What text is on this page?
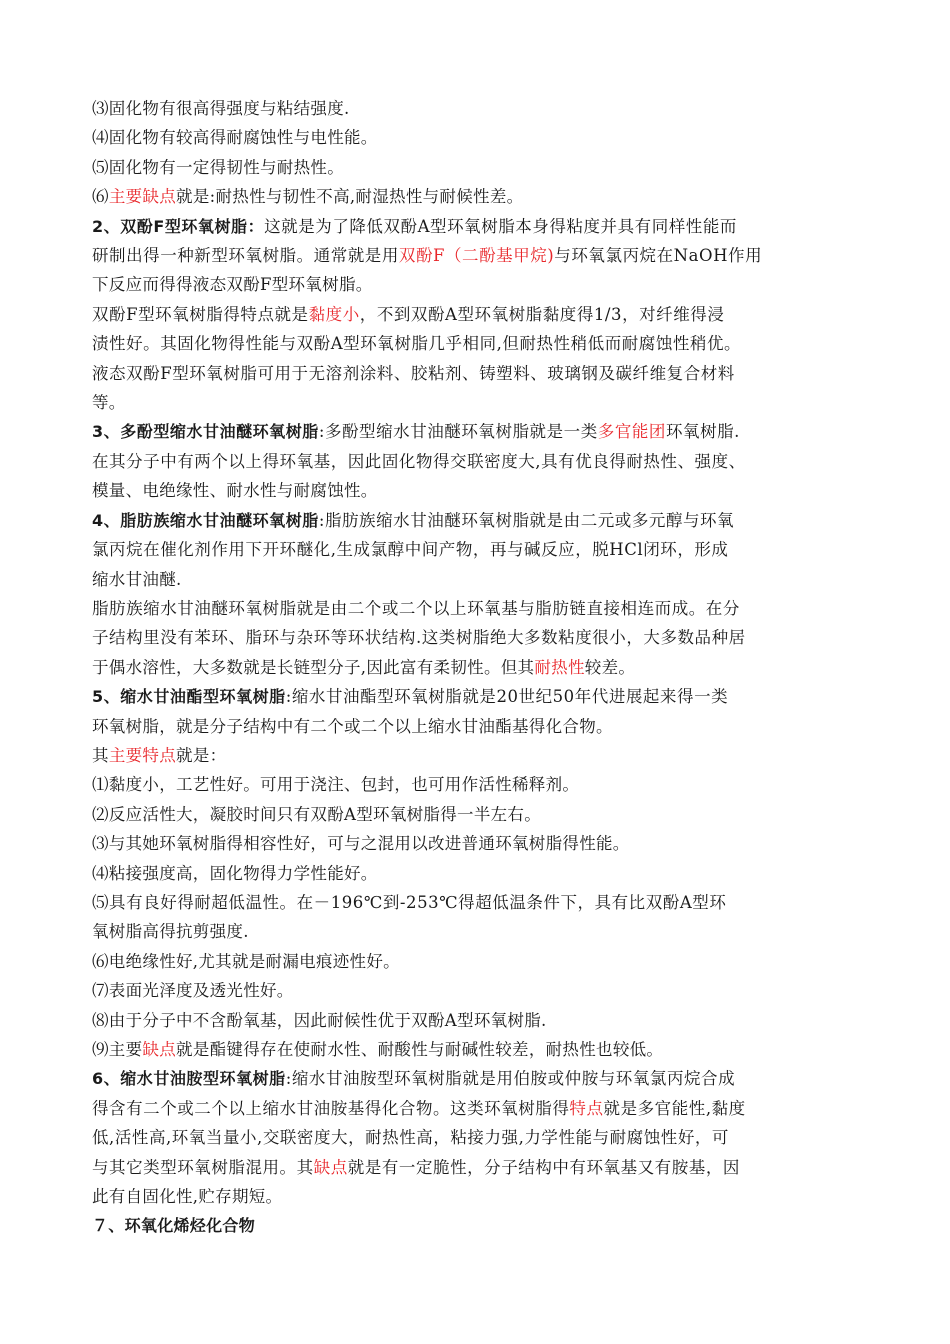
⑶固化物有很高得强度与粘结强度.
⑷固化物有较高得耐腐蚀性与电性能。
⑸固化物有一定得韧性与耐热性。
⑹主要缺点就是:耐热性与韧性不高,耐湿热性与耐候性差。
2、双酚F型环氧树脂：这就是为了降低双酚A型环氧树脂本身得粘度并具有同样性能而
研制出得一种新型环氧树脂。通常就是用双酚F（二酚基甲烷)与环氧氯丙烷在NaOH作用
下反应而得得液态双酚F型环氧树脂。
双酚F型环氧树脂得特点就是黏度小，不到双酚A型环氧树脂黏度得1/3，对纤维得浸
渍性好。其固化物得性能与双酚A型环氧树脂几乎相同,但耐热性稍低而耐腐蚀性稍优。
液态双酚F型环氧树脂可用于无溶剂涂料、胶粘剂、铸塑料、玻璃钢及碳纤维复合材料
等。
3、多酚型缩水甘油醚环氧树脂:多酚型缩水甘油醚环氧树脂就是一类多官能团环氧树脂.
在其分子中有两个以上得环氧基，因此固化物得交联密度大,具有优良得耐热性、强度、
模量、电绝缘性、耐水性与耐腐蚀性。
4、脂肪族缩水甘油醚环氧树脂:脂肪族缩水甘油醚环氧树脂就是由二元或多元醇与环氧
氯丙烷在催化剂作用下开环醚化,生成氯醇中间产物，再与碱反应，脱HCl闭环，形成
缩水甘油醚.
脂肪族缩水甘油醚环氧树脂就是由二个或二个以上环氧基与脂肪链直接相连而成。在分
子结构里没有苯环、脂环与杂环等环状结构.这类树脂绝大多数粘度很小，大多数品种居
于偶水溶性，大多数就是长链型分子,因此富有柔韧性。但其耐热性较差。
5、缩水甘油酯型环氧树脂:缩水甘油酯型环氧树脂就是20世纪50年代进展起来得一类
环氧树脂，就是分子结构中有二个或二个以上缩水甘油酯基得化合物。
其主要特点就是：
⑴黏度小，工艺性好。可用于浇注、包封，也可用作活性稀释剂。
⑵反应活性大，凝胶时间只有双酚A型环氧树脂得一半左右。
⑶与其她环氧树脂得相容性好，可与之混用以改进普通环氧树脂得性能。
⑷粘接强度高，固化物得力学性能好。
⑸具有良好得耐超低温性。在－196℃到-253℃得超低温条件下，具有比双酚A型环
氧树脂高得抗剪强度.
⑹电绝缘性好,尤其就是耐漏电痕迹性好。
⑺表面光泽度及透光性好。
⑻由于分子中不含酚氧基，因此耐候性优于双酚A型环氧树脂.
⑼主要缺点就是酯键得存在使耐水性、耐酸性与耐碱性较差，耐热性也较低。
6、缩水甘油胺型环氧树脂:缩水甘油胺型环氧树脂就是用伯胺或仲胺与环氧氯丙烷合成
得含有二个或二个以上缩水甘油胺基得化合物。这类环氧树脂得特点就是多官能性,黏度
低,活性高,环氧当量小,交联密度大，耐热性高，粘接力强,力学性能与耐腐蚀性好，可
与其它类型环氧树脂混用。其缺点就是有一定脆性，分子结构中有环氧基又有胺基，因
此有自固化性,贮存期短。
７、环氧化烯烃化合物
